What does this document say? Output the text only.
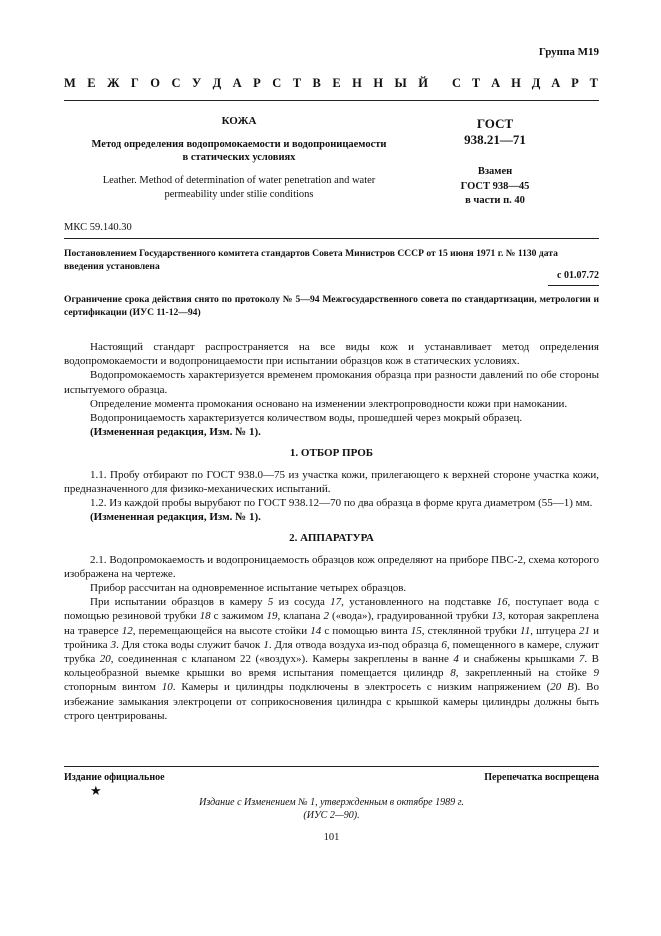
Группа М19
М Е Ж Г О С У Д А Р С Т В Е Н Н Ы Й С Т А Н Д А Р Т
КОЖА
Метод определения водопромокаемости и водопроницаемости
в статических условиях
Leather. Method of determination of water penetration and water
permeability under stilie conditions
ГОСТ
938.21—71
Взамен
ГОСТ 938—45
в части п. 40
МКС 59.140.30
Постановлением Государственного комитета стандартов Совета Министров СССР от 15 июня 1971 г. № 1130 дата введения установлена
с 01.07.72
Ограничение срока действия снято по протоколу № 5—94 Межгосударственного совета по стандартизации, метрологии и сертификации (ИУС 11-12—94)

Настоящий стандарт распространяется на все виды кож и устанавливает метод определения водопромокаемости и водопроницаемости при испытании образцов кож в статических условиях.

Водопромокаемость характеризуется временем промокания образца при разности давлений по обе стороны испытуемого образца.

Определение момента промокания основано на изменении электропроводности кожи при намокании.

Водопроницаемость характеризуется количеством воды, прошедшей через мокрый образец.

(Измененная редакция, Изм. № 1).

1. ОТБОР ПРОБ

1.1. Пробу отбирают по ГОСТ 938.0—75 из участка кожи, прилегающего к верхней стороне участка кожи, предназначенного для физико-механических испытаний.

1.2. Из каждой пробы вырубают по ГОСТ 938.12—70 по два образца в форме круга диаметром (55—1) мм.

(Измененная редакция, Изм. № 1).

2. АППАРАТУРА

2.1. Водопромокаемость и водопроницаемость образцов кож определяют на приборе ПВС-2, схема которого изображена на чертеже.

Прибор рассчитан на одновременное испытание четырех образцов.

При испытании образцов в камеру 5 из сосуда 17, установленного на подставке 16, поступает вода с помощью резиновой трубки 18 с зажимом 19, клапана 2 («вода»), градуированной трубки 13, которая закреплена на траверсе 12, перемещающейся на высоте стойки 14 с помощью винта 15, стеклянной трубки 11, штуцера 21 и тройника 3. Для стока воды служит бачок 1. Для отвода воздуха из-под образца 6, помещенного в камере, служит трубка 20, соединенная с клапаном 22 («воздух»). Камеры закреплены в ванне 4 и снабжены крышками 7. В кольцеобразной выемке крышки во время испытания помещается цилиндр 8, закрепленный на стойке 9 стопорным винтом 10. Камеры и цилиндры подключены в электросеть с низким напряжением (20 В). Во избежание замыкания электроцепи от соприкосновения цилиндра с крышкой камеры цилиндры должны быть строго центрированы.

Издание официальное	Перепечатка воспрещена
★
Издание с Изменением № 1, утвержденным в октябре 1989 г.
(ИУС 2—90).
101
